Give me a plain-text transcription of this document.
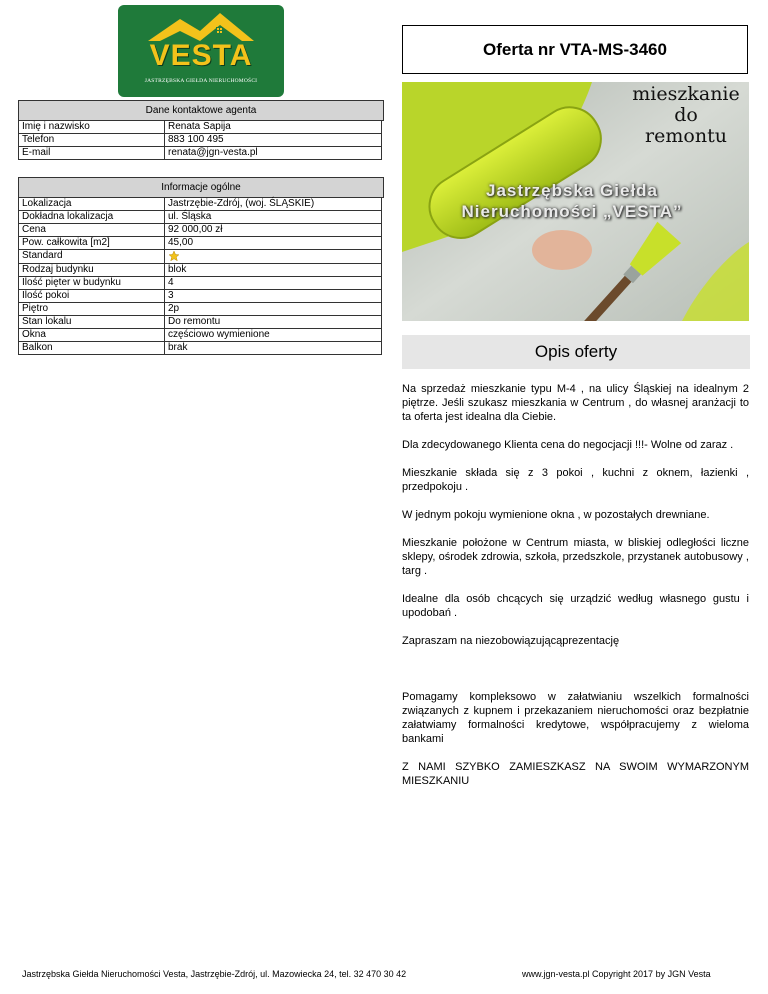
VESTA
JASTRZĘBSKA GIEŁDA NIERUCHOMOŚCI
Oferta nr VTA-MS-3460
Dane kontaktowe agenta
Imię i nazwisko	Renata Sapija
Telefon	883 100 495
E-mail	renata@jgn-vesta.pl
Informacje ogólne
Lokalizacja	Jastrzębie-Zdrój, (woj. ŚLĄSKIE)
Dokładna lokalizacja	ul. Śląska
Cena	92 000,00 zł
Pow. całkowita [m2]	45,00
Standard	
Rodzaj budynku	blok
Ilość pięter w budynku	4
Ilość pokoi	3
Piętro	2p
Stan lokalu	Do remontu
Okna	częściowo wymienione
Balkon	brak
mieszkanie
do
remontu
Jastrzębska Giełda
Nieruchomości „VESTA”
Opis oferty

Na sprzedaż mieszkanie typu M-4 , na ulicy Śląskiej na idealnym 2 piętrze. Jeśli szukasz mieszkania w Centrum , do własnej aranżacji to ta oferta jest idealna dla Ciebie.

Dla zdecydowanego Klienta cena do negocjacji !!!- Wolne od zaraz .

Mieszkanie składa się z 3 pokoi , kuchni z oknem, łazienki , przedpokoju .

W jednym pokoju wymienione okna , w pozostałych drewniane.

Mieszkanie położone w Centrum miasta, w bliskiej odległości liczne sklepy, ośrodek zdrowia, szkoła, przedszkole, przystanek autobusowy , targ .

Idealne dla osób chcących się urządzić według własnego gustu i upodobań .

Zapraszam na niezobowiązującąprezentację

Pomagamy kompleksowo w załatwianiu wszelkich formalności związanych z kupnem i przekazaniem nieruchomości oraz bezpłatnie załatwiamy formalności kredytowe, współpracujemy z wieloma bankami

Z NAMI SZYBKO ZAMIESZKASZ NA SWOIM WYMARZONYM MIESZKANIU

Jastrzębska Giełda Nieruchomości Vesta, Jastrzębie-Zdrój, ul. Mazowiecka 24, tel. 32 470 30 42	www.jgn-vesta.pl Copyright 2017 by JGN Vesta
